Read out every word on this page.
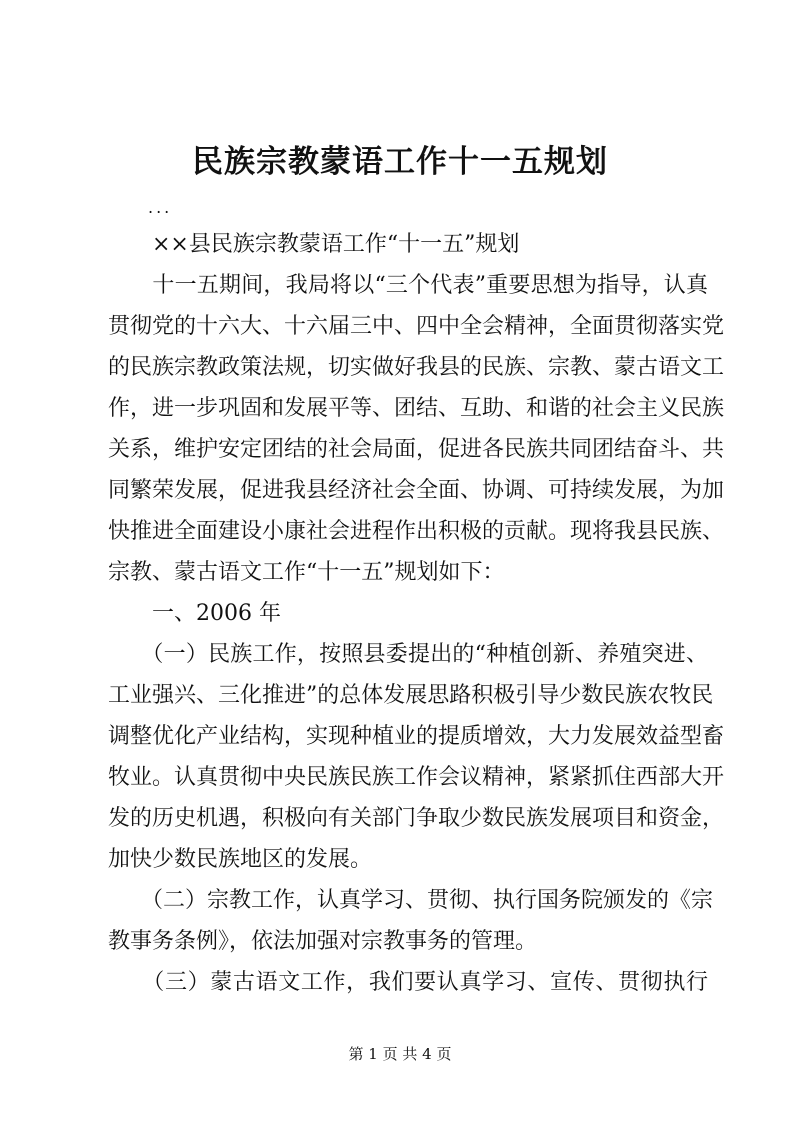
民族宗教蒙语工作十一五规划
...
　　××县民族宗教蒙语工作“十一五”规划
　　十一五期间，我局将以“三个代表”重要思想为指导，认真
贯彻党的十六大、十六届三中、四中全会精神，全面贯彻落实党
的民族宗教政策法规，切实做好我县的民族、宗教、蒙古语文工
作，进一步巩固和发展平等、团结、互助、和谐的社会主义民族
关系，维护安定团结的社会局面，促进各民族共同团结奋斗、共
同繁荣发展，促进我县经济社会全面、协调、可持续发展，为加
快推进全面建设小康社会进程作出积极的贡献。现将我县民族、
宗教、蒙古语文工作“十一五”规划如下：
　　一、2006 年
　　（一）民族工作，按照县委提出的“种植创新、养殖突进、
工业强兴、三化推进”的总体发展思路积极引导少数民族农牧民
调整优化产业结构，实现种植业的提质增效，大力发展效益型畜
牧业。认真贯彻中央民族民族工作会议精神，紧紧抓住西部大开
发的历史机遇，积极向有关部门争取少数民族发展项目和资金，
加快少数民族地区的发展。
　　（二）宗教工作，认真学习、贯彻、执行国务院颁发的《宗
教事务条例》，依法加强对宗教事务的管理。
　　（三）蒙古语文工作，我们要认真学习、宣传、贯彻执行
第 1 页 共 4 页
